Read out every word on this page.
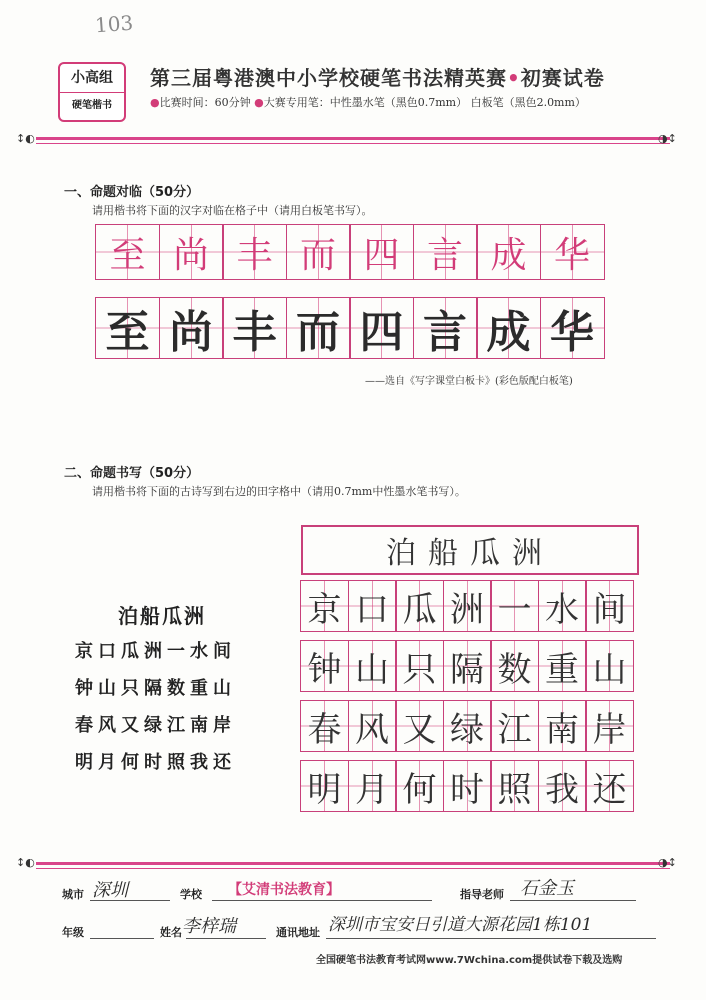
103
小高组
硬笔楷书
第三届粤港澳中小学校硬笔书法精英赛•初赛试卷
●比赛时间：60分钟 ●大赛专用笔：中性墨水笔（黑色0.7mm） 白板笔（黑色2.0mm）
↕◐	◑↕
一、命题对临（50分）
请用楷书将下面的汉字对临在格子中（请用白板笔书写）。
至 尚 丰 而 四 言 成 华
至 尚 丰 而 四 言 成 华
——选自《写字课堂白板卡》(彩色版配白板笔)
二、命题书写（50分）
请用楷书将下面的古诗写到右边的田字格中（请用0.7mm中性墨水笔书写）。
泊船瓜洲
京口瓜洲一水间
钟山只隔数重山
春风又绿江南岸
明月何时照我还
泊船瓜洲
京 口 瓜 洲 一 水 间
钟 山 只 隔 数 重 山
春 风 又 绿 江 南 岸
明 月 何 时 照 我 还
↕◐	◑↕
城市 深圳	学校 【艾清书法教育】	指导老师 石金玉
年级	姓名 李梓瑞	通讯地址 深圳市宝安日引道大源花园1栋101
全国硬笔书法教育考试网www.7Wchina.com提供试卷下载及选购
